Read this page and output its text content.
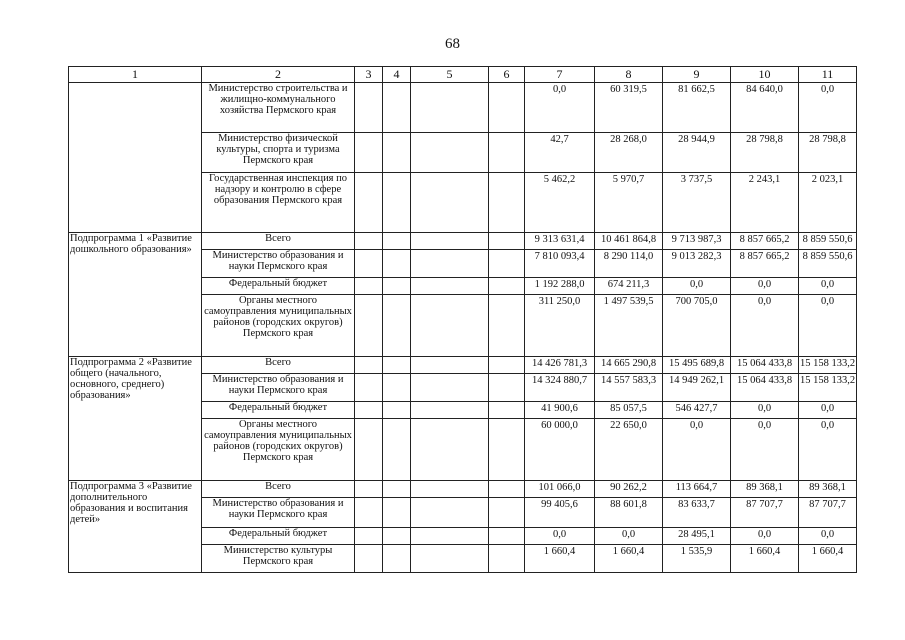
68
1	2	3	4	5	6	7	8	9	10	11
	Министерство строительства и жилищно-коммунального хозяйства Пермского края					0,0	60 319,5	81 662,5	84 640,0	0,0
	Министерство физической культуры, спорта и туризма Пермского края					42,7	28 268,0	28 944,9	28 798,8	28 798,8
	Государственная инспекция по надзору и контролю в сфере образования Пермского края					5 462,2	5 970,7	3 737,5	2 243,1	2 023,1
Подпрограмма 1 «Развитие дошкольного образования»	Всего					9 313 631,4	10 461 864,8	9 713 987,3	8 857 665,2	8 859 550,6
	Министерство образования и науки Пермского края					7 810 093,4	8 290 114,0	9 013 282,3	8 857 665,2	8 859 550,6
	Федеральный бюджет					1 192 288,0	674 211,3	0,0	0,0	0,0
	Органы местного самоуправления муниципальных районов (городских округов) Пермского края					311 250,0	1 497 539,5	700 705,0	0,0	0,0
Подпрограмма 2 «Развитие общего (начального, основного, среднего) образования»	Всего					14 426 781,3	14 665 290,8	15 495 689,8	15 064 433,8	15 158 133,2
	Министерство образования и науки Пермского края					14 324 880,7	14 557 583,3	14 949 262,1	15 064 433,8	15 158 133,2
	Федеральный бюджет					41 900,6	85 057,5	546 427,7	0,0	0,0
	Органы местного самоуправления муниципальных районов (городских округов) Пермского края					60 000,0	22 650,0	0,0	0,0	0,0
Подпрограмма 3 «Развитие дополнительного образования и воспитания детей»	Всего					101 066,0	90 262,2	113 664,7	89 368,1	89 368,1
	Министерство образования и науки Пермского края					99 405,6	88 601,8	83 633,7	87 707,7	87 707,7
	Федеральный бюджет					0,0	0,0	28 495,1	0,0	0,0
	Министерство культуры Пермского края					1 660,4	1 660,4	1 535,9	1 660,4	1 660,4
